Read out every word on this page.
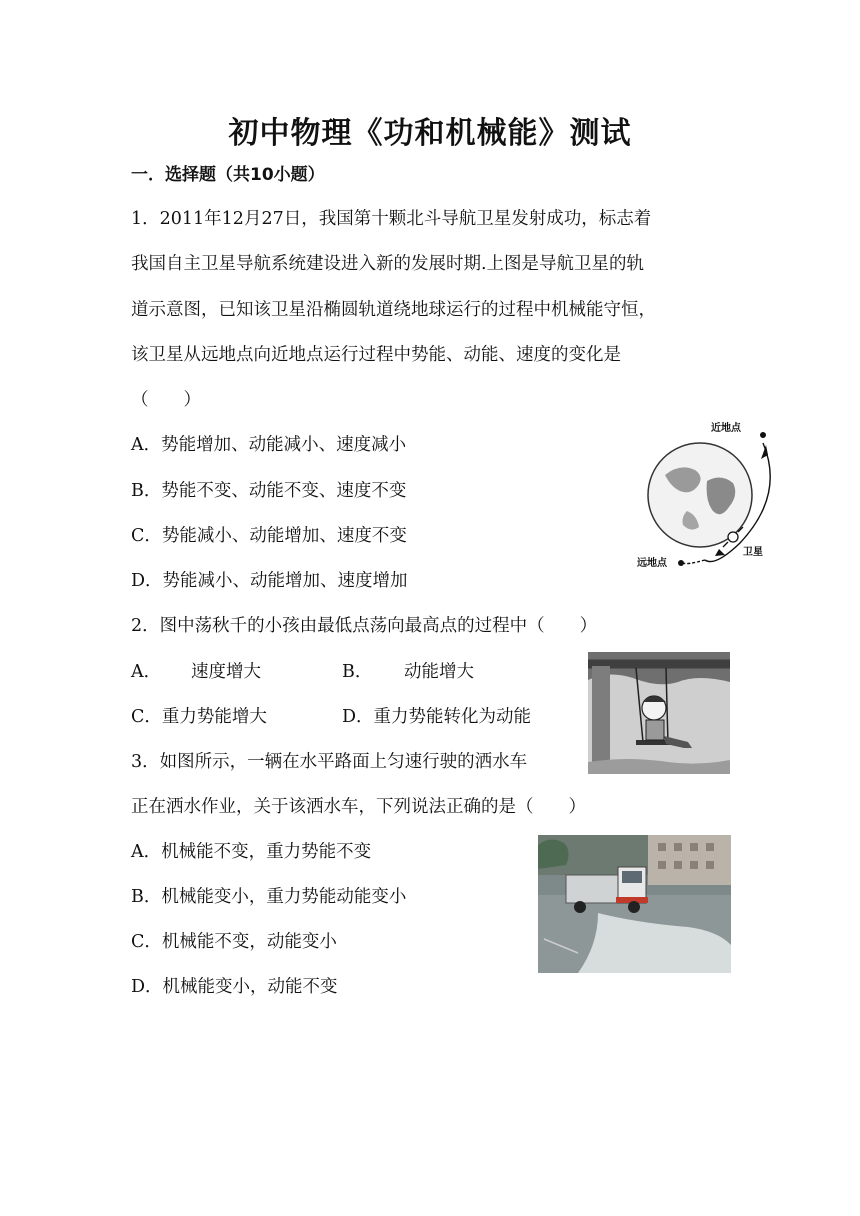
初中物理《功和机械能》测试
一．选择题（共10小题）
1．2011年12月27日，我国第十颗北斗导航卫星发射成功，标志着
我国自主卫星导航系统建设进入新的发展时期.上图是导航卫星的轨
道示意图，已知该卫星沿椭圆轨道绕地球运行的过程中机械能守恒，
该卫星从远地点向近地点运行过程中势能、动能、速度的变化是
（　　）
A．势能增加、动能减小、速度减小
B．势能不变、动能不变、速度不变
C．势能减小、动能增加、速度不变
D．势能减小、动能增加、速度增加
近地点
远地点
卫星
2．图中荡秋千的小孩由最低点荡向最高点的过程中（　　）
A． 速度增大	B． 动能增大
C．重力势能增大	D．重力势能转化为动能
3．如图所示，一辆在水平路面上匀速行驶的洒水车
正在洒水作业，关于该洒水车，下列说法正确的是（　　）
A．机械能不变，重力势能不变
B．机械能变小，重力势能动能变小
C．机械能不变，动能变小
D．机械能变小，动能不变
